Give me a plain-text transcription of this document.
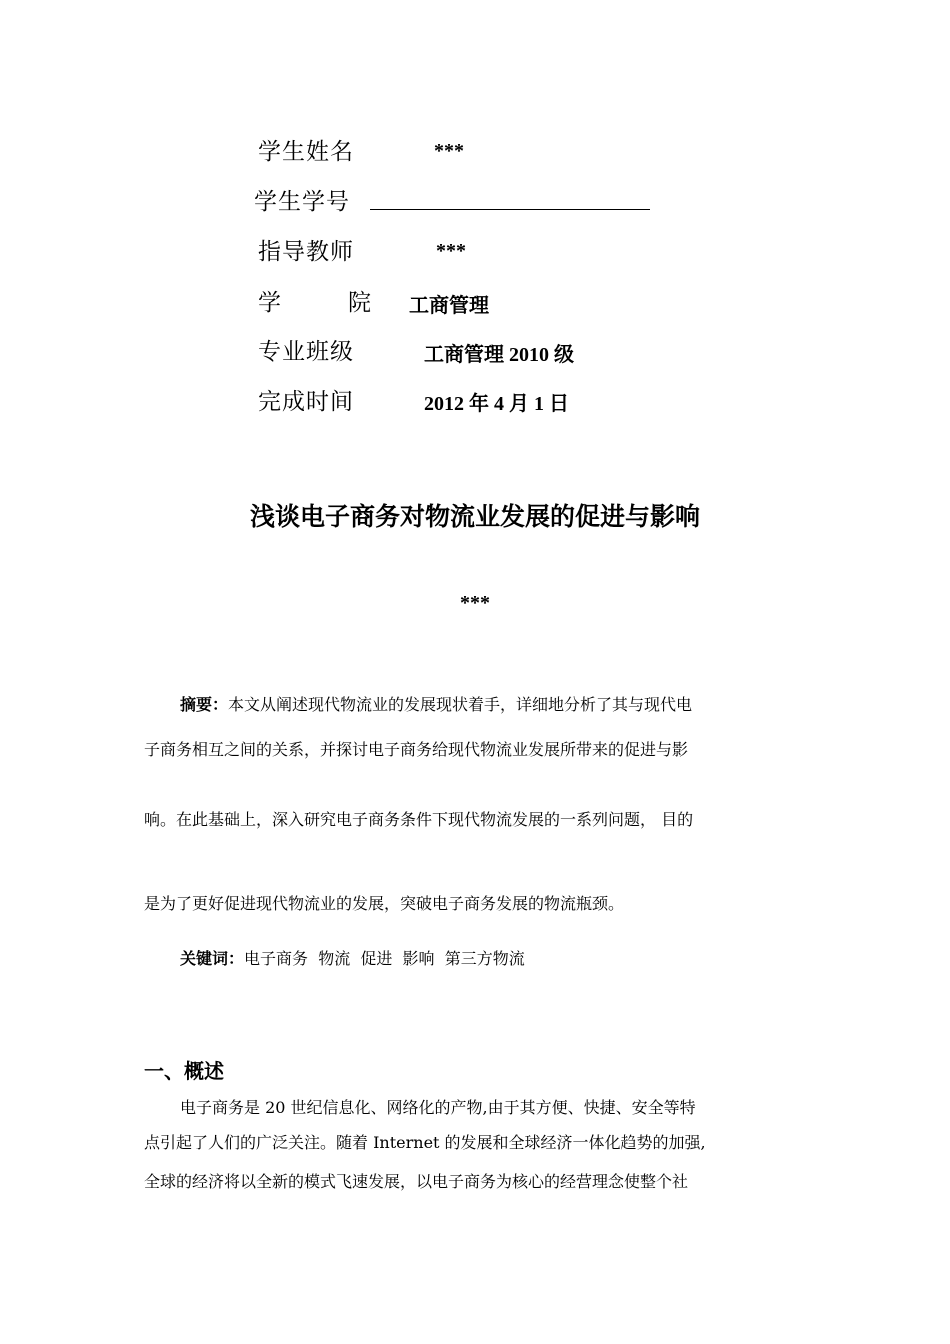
学生姓名	***
学生学号
指导教师	***
学　院 工商管理
专业班级	工商管理 2010 级
完成时间	2012 年 4 月 1 日
浅谈电子商务对物流业发展的促进与影响
***
摘要：本文从阐述现代物流业的发展现状着手，详细地分析了其与现代电
子商务相互之间的关系，并探讨电子商务给现代物流业发展所带来的促进与影
响。在此基础上，深入研究电子商务条件下现代物流发展的一系列问题， 目的
是为了更好促进现代物流业的发展，突破电子商务发展的物流瓶颈。
关键词：电子商务  物流  促进  影响  第三方物流
一、概述
电子商务是 20 世纪信息化、网络化的产物,由于其方便、快捷、安全等特
点引起了人们的广泛关注。随着 Internet 的发展和全球经济一体化趋势的加强,
全球的经济将以全新的模式飞速发展，以电子商务为核心的经营理念使整个社
